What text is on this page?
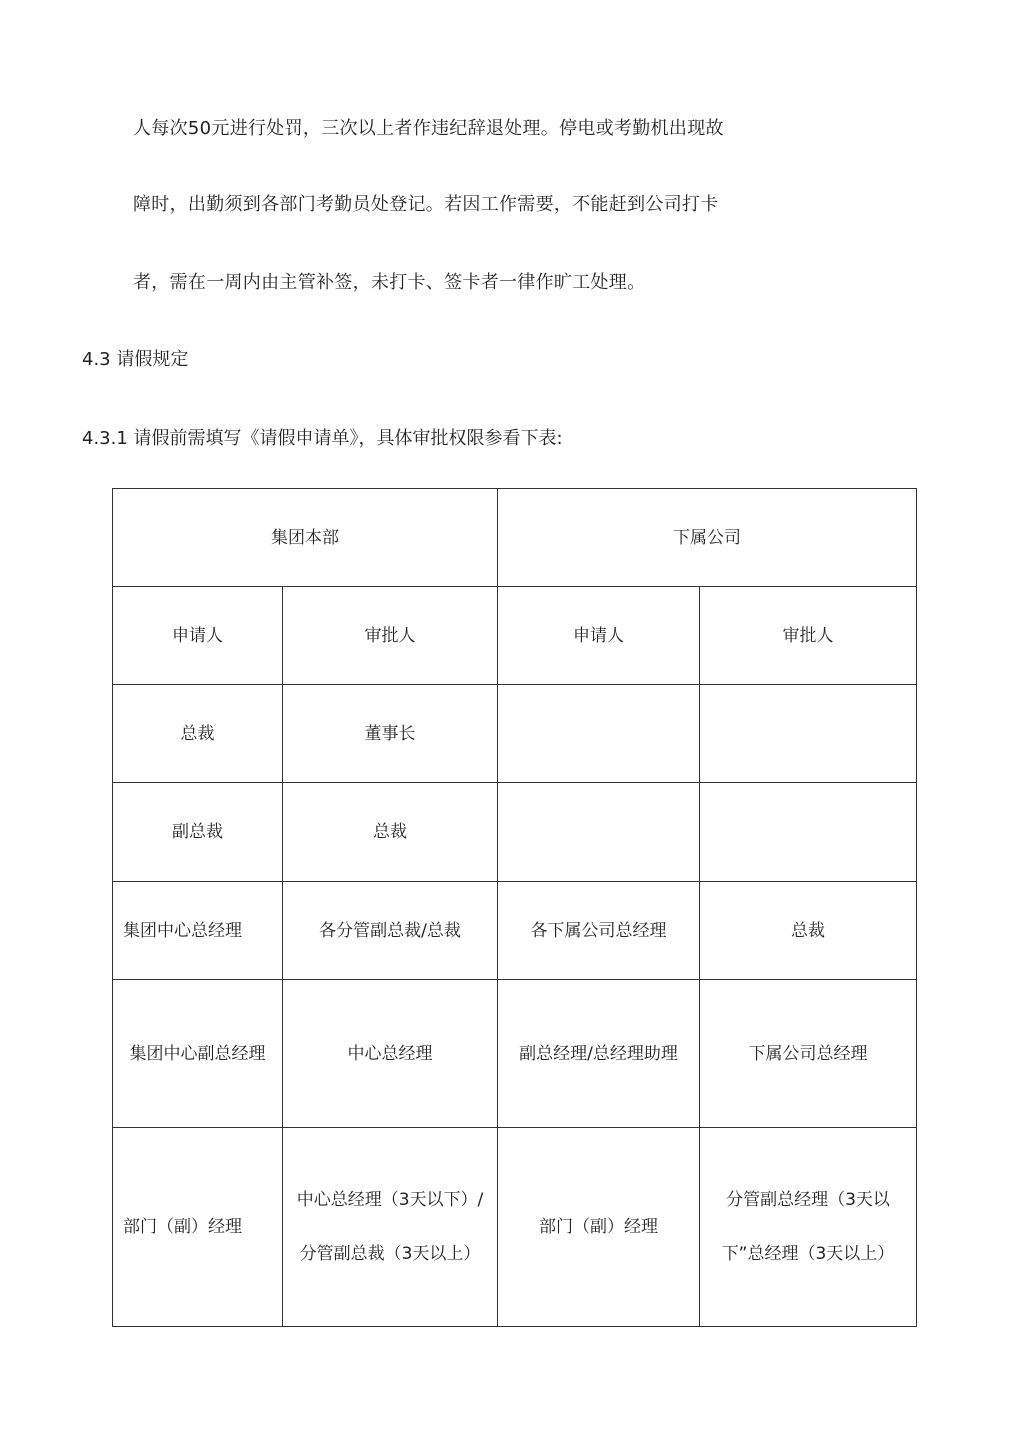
人每次50元进行处罚，三次以上者作违纪辞退处理。停电或考勤机出现故
障时，出勤须到各部门考勤员处登记。若因工作需要，不能赶到公司打卡
者，需在一周内由主管补签，未打卡、签卡者一律作旷工处理。
4.3 请假规定
4.3.1 请假前需填写《请假申请单》，具体审批权限参看下表:
集团本部		下属公司	
申请人	审批人	申请人	审批人
总裁	董事长		
副总裁	总裁		
集团中心总经理	各分管副总裁/总裁	各下属公司总经理	总裁
集团中心副总经理	中心总经理	副总经理/总经理助理	下属公司总经理
部门（副）经理	中心总经理（3天以下）/分管副总裁（3天以上）	部门（副）经理	分管副总经理（3天以下”总经理（3天以上）
